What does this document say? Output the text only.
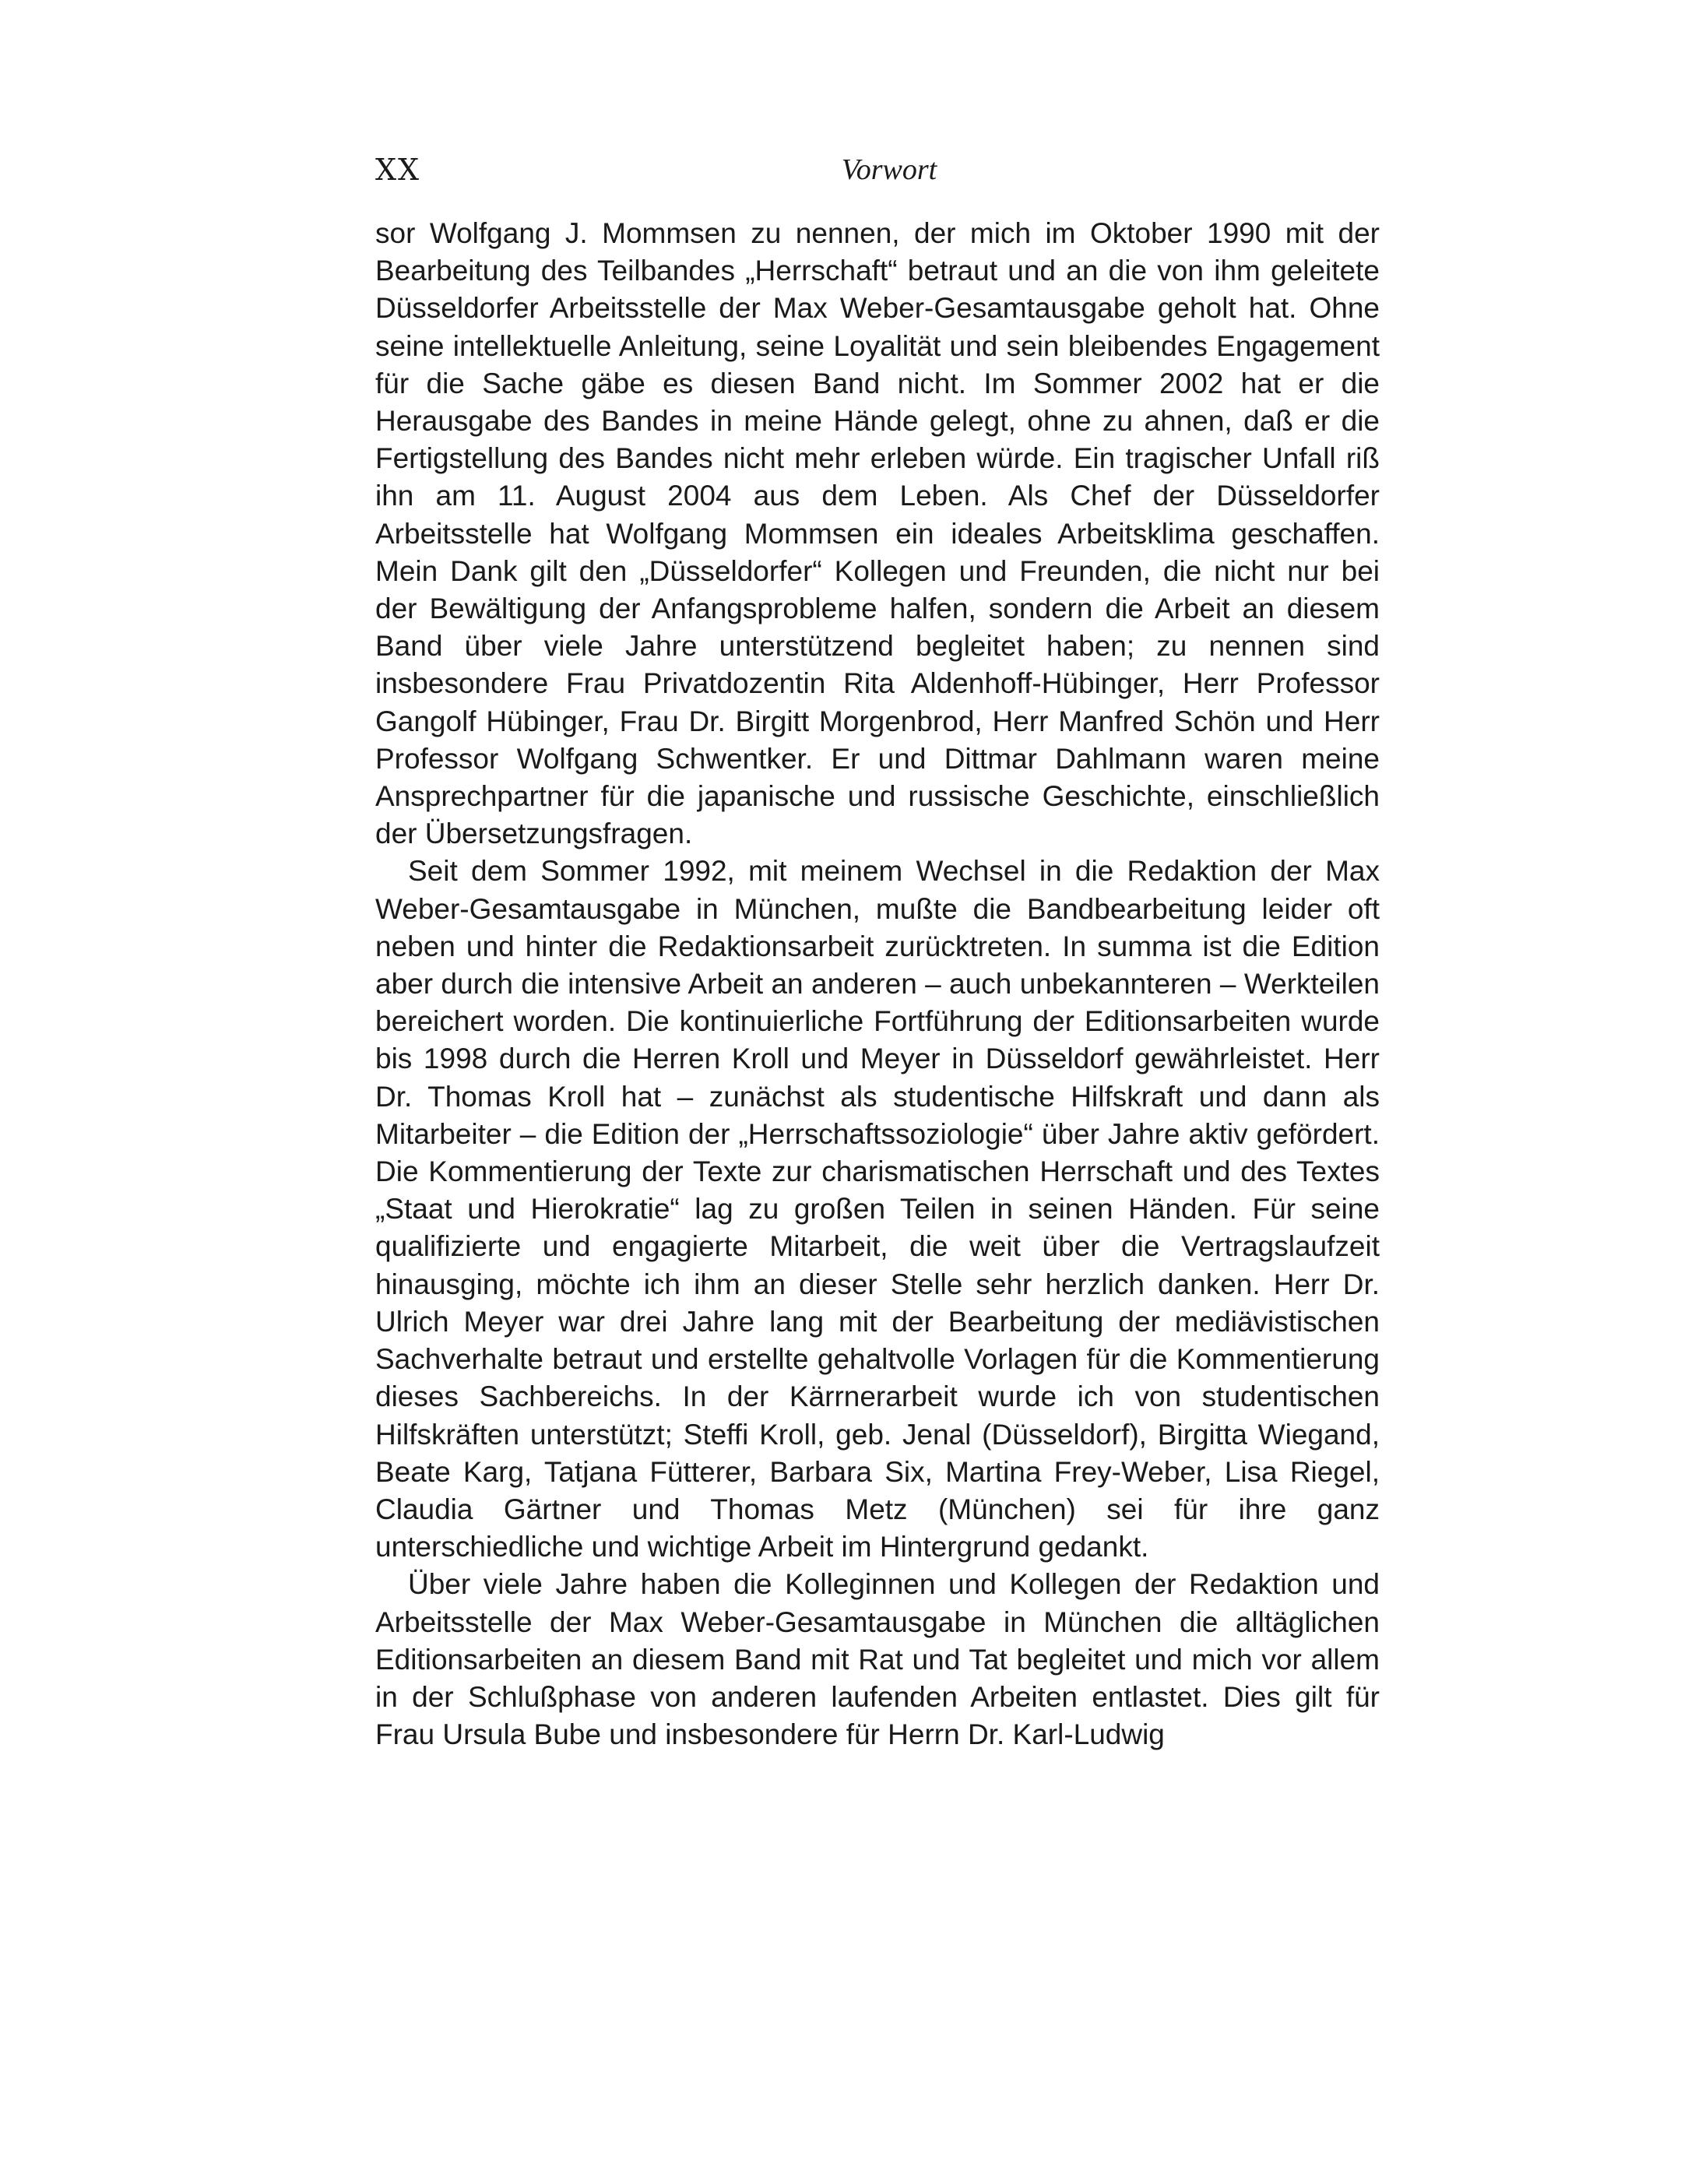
XX	Vorwort

sor Wolfgang J. Mommsen zu nennen, der mich im Oktober 1990 mit der Bearbeitung des Teilbandes „Herrschaft“ betraut und an die von ihm geleitete Düsseldorfer Arbeitsstelle der Max Weber-Gesamtausgabe geholt hat. Ohne seine intellektuelle Anleitung, seine Loyalität und sein bleibendes Engagement für die Sache gäbe es diesen Band nicht. Im Sommer 2002 hat er die Herausgabe des Bandes in meine Hände gelegt, ohne zu ahnen, daß er die Fertigstellung des Bandes nicht mehr erleben würde. Ein tragischer Unfall riß ihn am 11. August 2004 aus dem Leben. Als Chef der Düsseldorfer Arbeitsstelle hat Wolfgang Mommsen ein ideales Arbeitsklima geschaffen. Mein Dank gilt den „Düsseldorfer“ Kollegen und Freunden, die nicht nur bei der Bewältigung der Anfangsprobleme halfen, sondern die Arbeit an diesem Band über viele Jahre unterstützend begleitet haben; zu nennen sind insbesondere Frau Privatdozentin Rita Aldenhoff-Hübinger, Herr Professor Gangolf Hübinger, Frau Dr. Birgitt Morgenbrod, Herr Manfred Schön und Herr Professor Wolfgang Schwentker. Er und Dittmar Dahlmann waren meine Ansprechpartner für die japanische und russische Geschichte, einschließlich der Übersetzungsfragen.

Seit dem Sommer 1992, mit meinem Wechsel in die Redaktion der Max Weber-Gesamtausgabe in München, mußte die Bandbearbeitung leider oft neben und hinter die Redaktionsarbeit zurücktreten. In summa ist die Edition aber durch die intensive Arbeit an anderen – auch unbekannteren – Werkteilen bereichert worden. Die kontinuierliche Fortführung der Editionsarbeiten wurde bis 1998 durch die Herren Kroll und Meyer in Düsseldorf gewährleistet. Herr Dr. Thomas Kroll hat – zunächst als studentische Hilfskraft und dann als Mitarbeiter – die Edition der „Herrschaftssoziologie“ über Jahre aktiv gefördert. Die Kommentierung der Texte zur charismatischen Herrschaft und des Textes „Staat und Hierokratie“ lag zu großen Teilen in seinen Händen. Für seine qualifizierte und engagierte Mitarbeit, die weit über die Vertragslaufzeit hinausging, möchte ich ihm an dieser Stelle sehr herzlich danken. Herr Dr. Ulrich Meyer war drei Jahre lang mit der Bearbeitung der mediävistischen Sachverhalte betraut und erstellte gehaltvolle Vorlagen für die Kommentierung dieses Sachbereichs. In der Kärrnerarbeit wurde ich von studentischen Hilfskräften unterstützt; Steffi Kroll, geb. Jenal (Düsseldorf), Birgitta Wiegand, Beate Karg, Tatjana Fütterer, Barbara Six, Martina Frey-Weber, Lisa Riegel, Claudia Gärtner und Thomas Metz (München) sei für ihre ganz unterschiedliche und wichtige Arbeit im Hintergrund gedankt.

Über viele Jahre haben die Kolleginnen und Kollegen der Redaktion und Arbeitsstelle der Max Weber-Gesamtausgabe in München die alltäglichen Editionsarbeiten an diesem Band mit Rat und Tat begleitet und mich vor allem in der Schlußphase von anderen laufenden Arbeiten entlastet. Dies gilt für Frau Ursula Bube und insbesondere für Herrn Dr. Karl-Ludwig
